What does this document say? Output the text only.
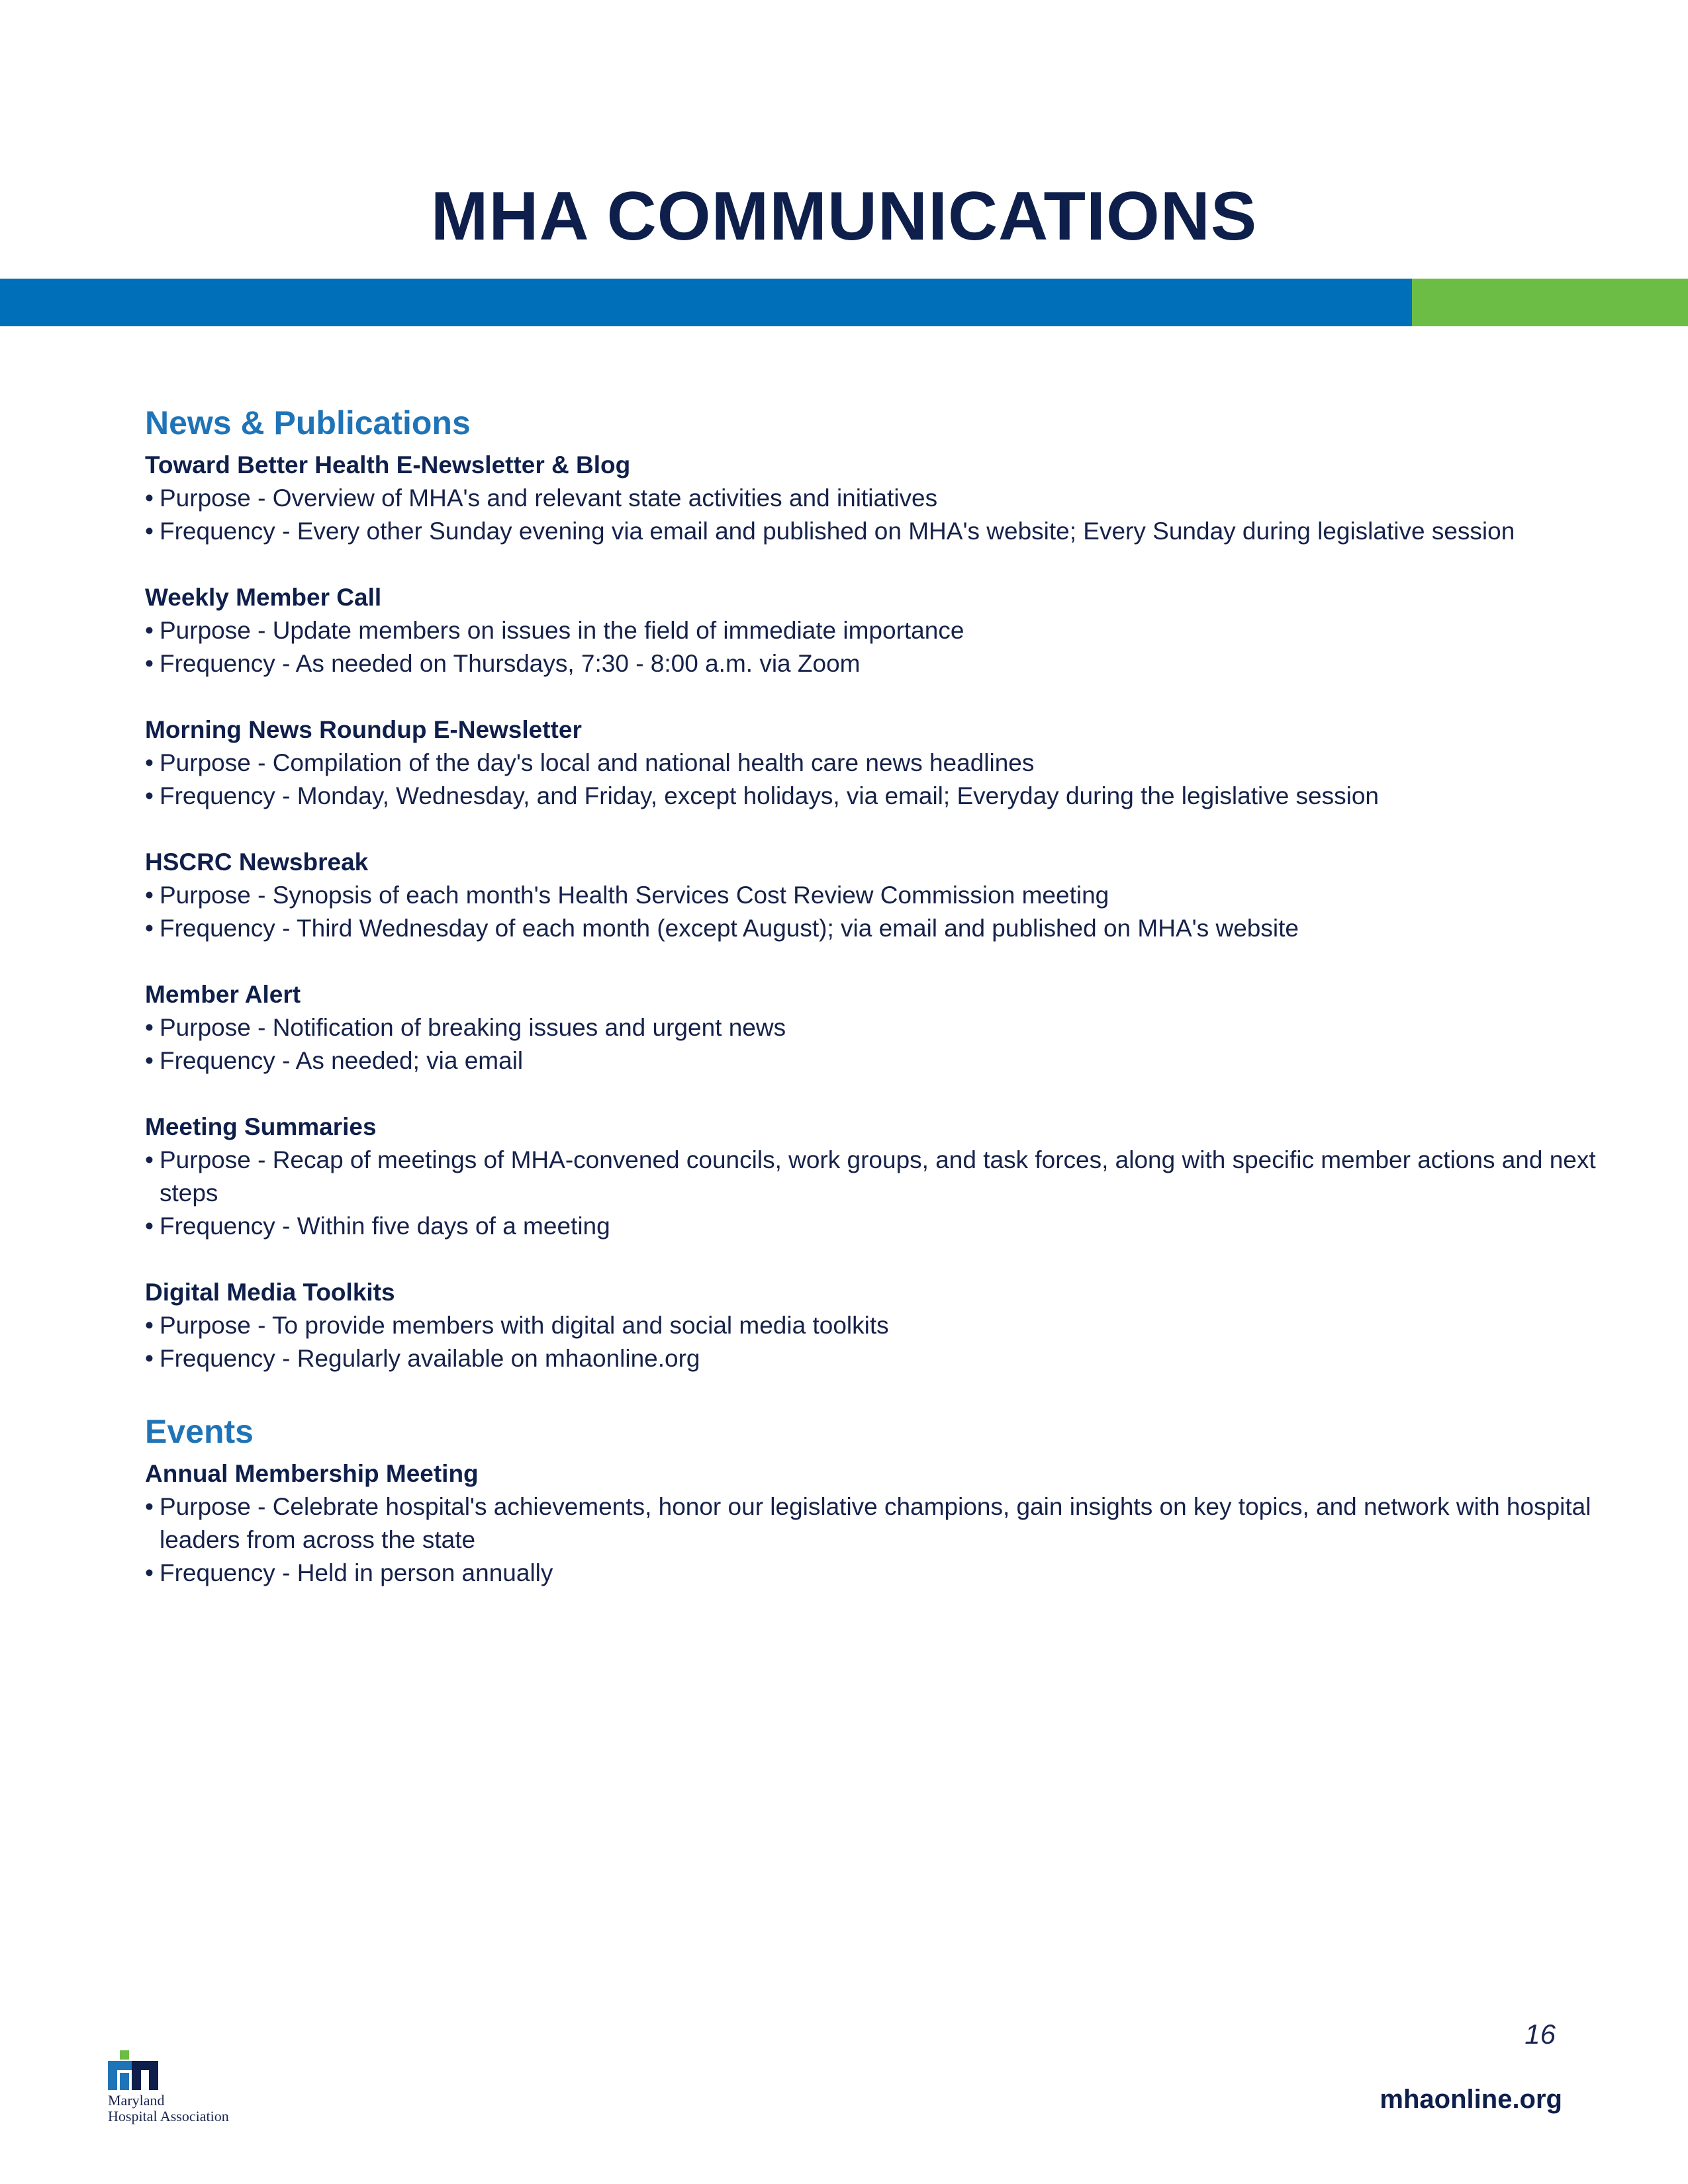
MHA COMMUNICATIONS
News & Publications

Toward Better Health E-Newsletter & Blog

• Purpose - Overview of MHA's and relevant state activities and initiatives
• Frequency - Every other Sunday evening via email and published on MHA's website; Every Sunday during legislative session

Weekly Member Call

• Purpose - Update members on issues in the field of immediate importance
• Frequency - As needed on Thursdays, 7:30 - 8:00 a.m. via Zoom

Morning News Roundup E-Newsletter

• Purpose - Compilation of the day's local and national health care news headlines
• Frequency - Monday, Wednesday, and Friday, except holidays, via email; Everyday during the legislative session

HSCRC Newsbreak

• Purpose - Synopsis of each month's Health Services Cost Review Commission meeting
• Frequency - Third Wednesday of each month (except August); via email and published on MHA's website

Member Alert

• Purpose - Notification of breaking issues and urgent news
• Frequency - As needed; via email

Meeting Summaries

• Purpose - Recap of meetings of MHA-convened councils, work groups, and task forces, along with specific member actions and next steps
• Frequency - Within five days of a meeting

Digital Media Toolkits

• Purpose - To provide members with digital and social media toolkits
• Frequency - Regularly available on mhaonline.org
Events

Annual Membership Meeting

• Purpose - Celebrate hospital's achievements, honor our legislative champions, gain insights on key topics, and network with hospital leaders from across the state
• Frequency - Held in person annually
16

Maryland

Hospital Association

mhaonline.org
